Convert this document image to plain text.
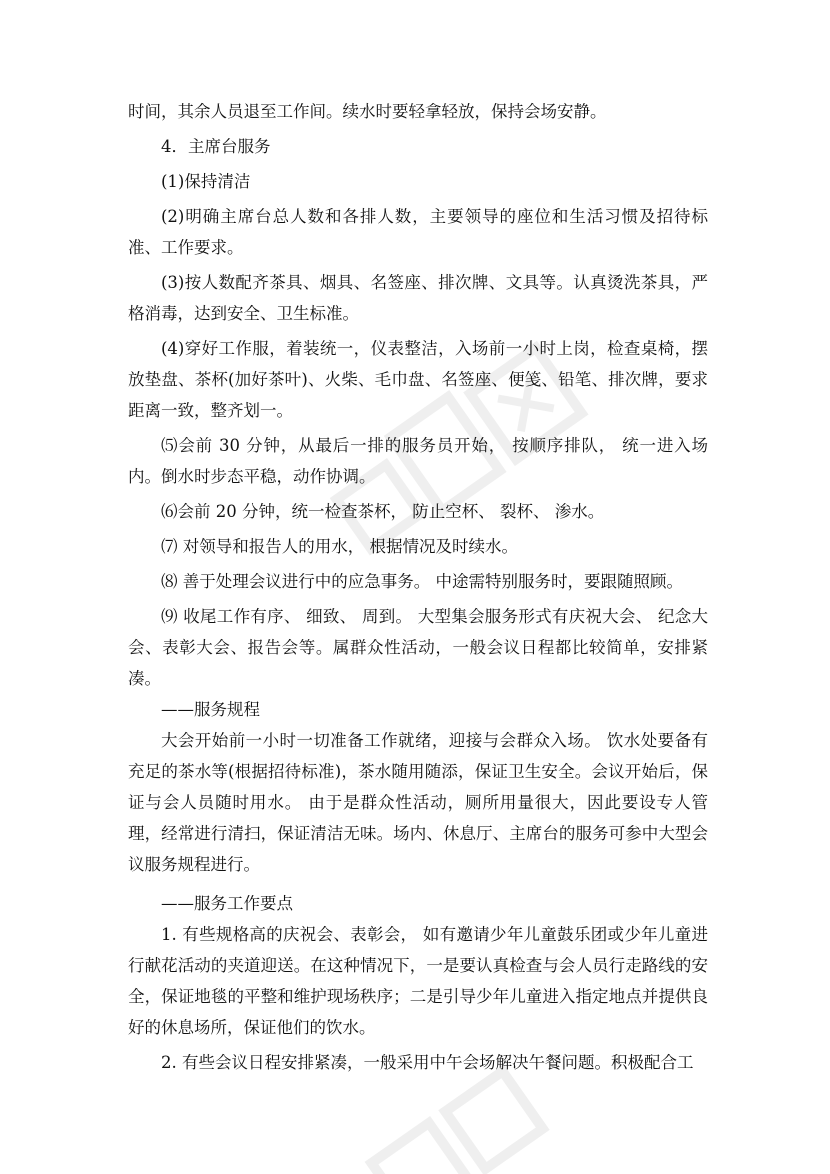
时间，其余人员退至工作间。续水时要轻拿轻放，保持会场安静。

4．主席台服务

(1)保持清洁

(2)明确主席台总人数和各排人数，主要领导的座位和生活习惯及招待标准、工作要求。

(3)按人数配齐茶具、烟具、名签座、排次牌、文具等。认真烫洗茶具，严格消毒，达到安全、卫生标准。

(4)穿好工作服，着装统一，仪表整洁，入场前一小时上岗，检查桌椅，摆放垫盘、茶杯(加好茶叶)、火柴、毛巾盘、名签座、便笺、铅笔、排次牌，要求距离一致，整齐划一。

⑸会前 30 分钟，从最后一排的服务员开始， 按顺序排队， 统一进入场内。倒水时步态平稳，动作协调。

⑹会前 20 分钟，统一检查茶杯， 防止空杯、 裂杯、 渗水。

⑺ 对领导和报告人的用水， 根据情况及时续水。

⑻ 善于处理会议进行中的应急事务。 中途需特别服务时，要跟随照顾。

⑼ 收尾工作有序、 细致、 周到。 大型集会服务形式有庆祝大会、 纪念大会、表彰大会、报告会等。属群众性活动，一般会议日程都比较简单，安排紧凑。

——服务规程

大会开始前一小时一切准备工作就绪，迎接与会群众入场。 饮水处要备有充足的茶水等(根据招待标准)，茶水随用随添，保证卫生安全。会议开始后，保证与会人员随时用水。 由于是群众性活动，厕所用量很大，因此要设专人管理，经常进行清扫，保证清洁无味。场内、休息厅、主席台的服务可参中大型会议服务规程进行。

——服务工作要点

1. 有些规格高的庆祝会、表彰会， 如有邀请少年儿童鼓乐团或少年儿童进行献花活动的夹道迎送。在这种情况下，一是要认真检查与会人员行走路线的安全，保证地毯的平整和维护现场秩序；二是引导少年儿童进入指定地点并提供良好的休息场所，保证他们的饮水。

2. 有些会议日程安排紧凑，一般采用中午会场解决午餐问题。积极配合工
